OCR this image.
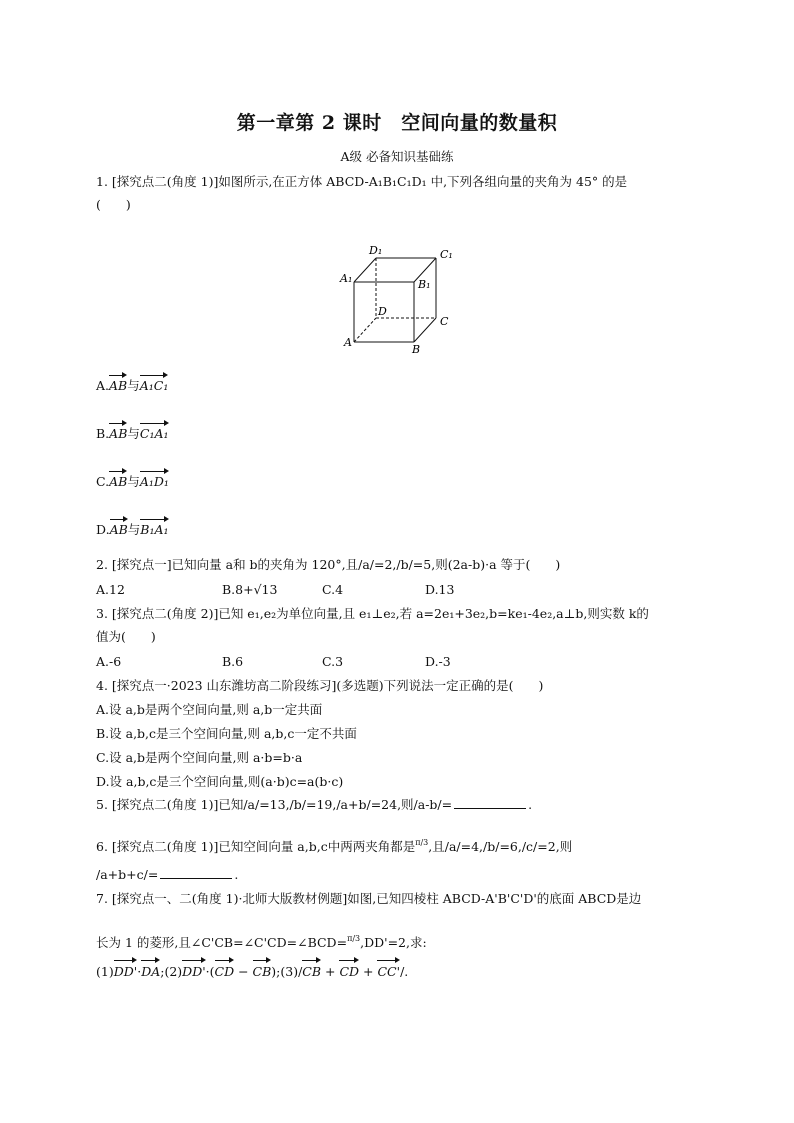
第一章第 2 课时　空间向量的数量积
A级 必备知识基础练
1. [探究点二(角度 1)]如图所示,在正方体 ABCD-A₁B₁C₁D₁ 中,下列各组向量的夹角为 45° 的是
(　　)
D₁	C₁
A₁	B₁
D
C
A
B
A.AB与A₁C₁
B.AB与C₁A₁
C.AB与A₁D₁
D.AB与B₁A₁
2. [探究点一]已知向量 a和 b的夹角为 120°,且/a/=2,/b/=5,则(2a-b)·a 等于(　　)
A.12	B.8+√13	C.4	D.13
3. [探究点二(角度 2)]已知 e₁,e₂为单位向量,且 e₁⊥e₂,若 a=2e₁+3e₂,b=ke₁-4e₂,a⊥b,则实数 k的
值为(　　)
A.-6	B.6	C.3	D.-3
4. [探究点一·2023 山东潍坊高二阶段练习](多选题)下列说法一定正确的是(　　)
A.设 a,b是两个空间向量,则 a,b一定共面
B.设 a,b,c是三个空间向量,则 a,b,c一定不共面
C.设 a,b是两个空间向量,则 a·b=b·a
D.设 a,b,c是三个空间向量,则(a·b)c=a(b·c)
5. [探究点二(角度 1)]已知/a/=13,/b/=19,/a+b/=24,则/a-b/=	.
6. [探究点二(角度 1)]已知空间向量 a,b,c中两两夹角都是π/3,且/a/=4,/b/=6,/c/=2,则
/a+b+c/=	.
7. [探究点一、二(角度 1)·北师大版教材例题]如图,已知四棱柱 ABCD-A'B'C'D'的底面 ABCD是边
长为 1 的菱形,且∠C'CB=∠C'CD=∠BCD=π/3,DD'=2,求:
(1)DD'·DA;(2)DD'·(CD − CB);(3)/CB + CD + CC'/.
